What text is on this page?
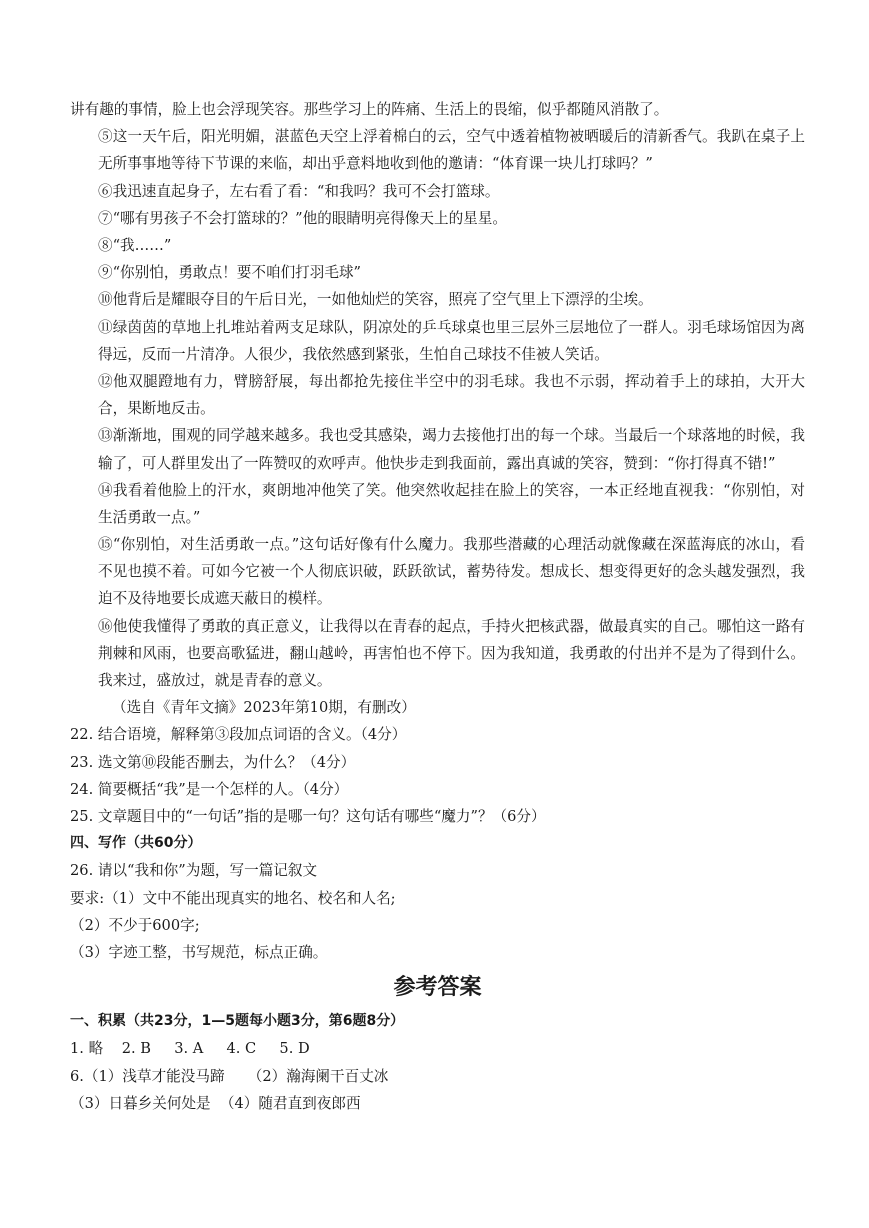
讲有趣的事情，脸上也会浮现笑容。那些学习上的阵痛、生活上的畏缩，似乎都随风消散了。
⑤这一天午后，阳光明媚，湛蓝色天空上浮着棉白的云，空气中透着植物被晒暖后的清新香气。我趴在桌子上无所事事地等待下节课的来临，却出乎意料地收到他的邀请：“体育课一块儿打球吗？”
⑥我迅速直起身子，左右看了看：“和我吗？我可不会打篮球。
⑦“哪有男孩子不会打篮球的？”他的眼睛明亮得像天上的星星。
⑧“我……”
⑨“你别怕，勇敢点！要不咱们打羽毛球”
⑩他背后是耀眼夺目的午后日光，一如他灿烂的笑容，照亮了空气里上下漂浮的尘埃。
⑪绿茵茵的草地上扎堆站着两支足球队，阴凉处的乒乓球桌也里三层外三层地位了一群人。羽毛球场馆因为离得远，反而一片清净。人很少，我依然感到紧张，生怕自己球技不佳被人笑话。
⑫他双腿蹬地有力，臂膀舒展，每出都抢先接住半空中的羽毛球。我也不示弱，挥动着手上的球拍，大开大合，果断地反击。
⑬渐渐地，围观的同学越来越多。我也受其感染，竭力去接他打出的每一个球。当最后一个球落地的时候，我输了，可人群里发出了一阵赞叹的欢呼声。他快步走到我面前，露出真诚的笑容，赞到：“你打得真不错!”
⑭我看着他脸上的汗水，爽朗地冲他笑了笑。他突然收起挂在脸上的笑容，一本正经地直视我：“你别怕，对生活勇敢一点。”
⑮“你别怕，对生活勇敢一点。”这句话好像有什么魔力。我那些潜藏的心理活动就像藏在深蓝海底的冰山，看不见也摸不着。可如今它被一个人彻底识破，跃跃欲试，蓄势待发。想成长、想变得更好的念头越发强烈，我迫不及待地要长成遮天蔽日的模样。
⑯他使我懂得了勇敢的真正意义，让我得以在青春的起点，手持火把核武器，做最真实的自己。哪怕这一路有荆棘和风雨，也要高歌猛进，翻山越岭，再害怕也不停下。因为我知道，我勇敢的付出并不是为了得到什么。我来过，盛放过，就是青春的意义。
（选自《青年文摘》2023年第10期，有删改）
22. 结合语境，解释第③段加点词语的含义。（4分）
23. 选文第⑩段能否删去，为什么？（4分）
24. 简要概括“我”是一个怎样的人。（4分）
25. 文章题目中的“一句话”指的是哪一句？这句话有哪些“魔力”？（6分）
四、写作（共60分）
26. 请以“我和你”为题，写一篇记叙文
要求:（1）文中不能出现真实的地名、校名和人名;
（2）不少于600字;
（3）字迹工整，书写规范，标点正确。
参考答案
一、积累（共23分，1—5题每小题3分，第6题8分）
1. 略    2. B     3. A     4. C     5. D
6.（1）浅草才能没马蹄     （2）瀚海阑干百丈冰
（3）日暮乡关何处是  （4）随君直到夜郎西
